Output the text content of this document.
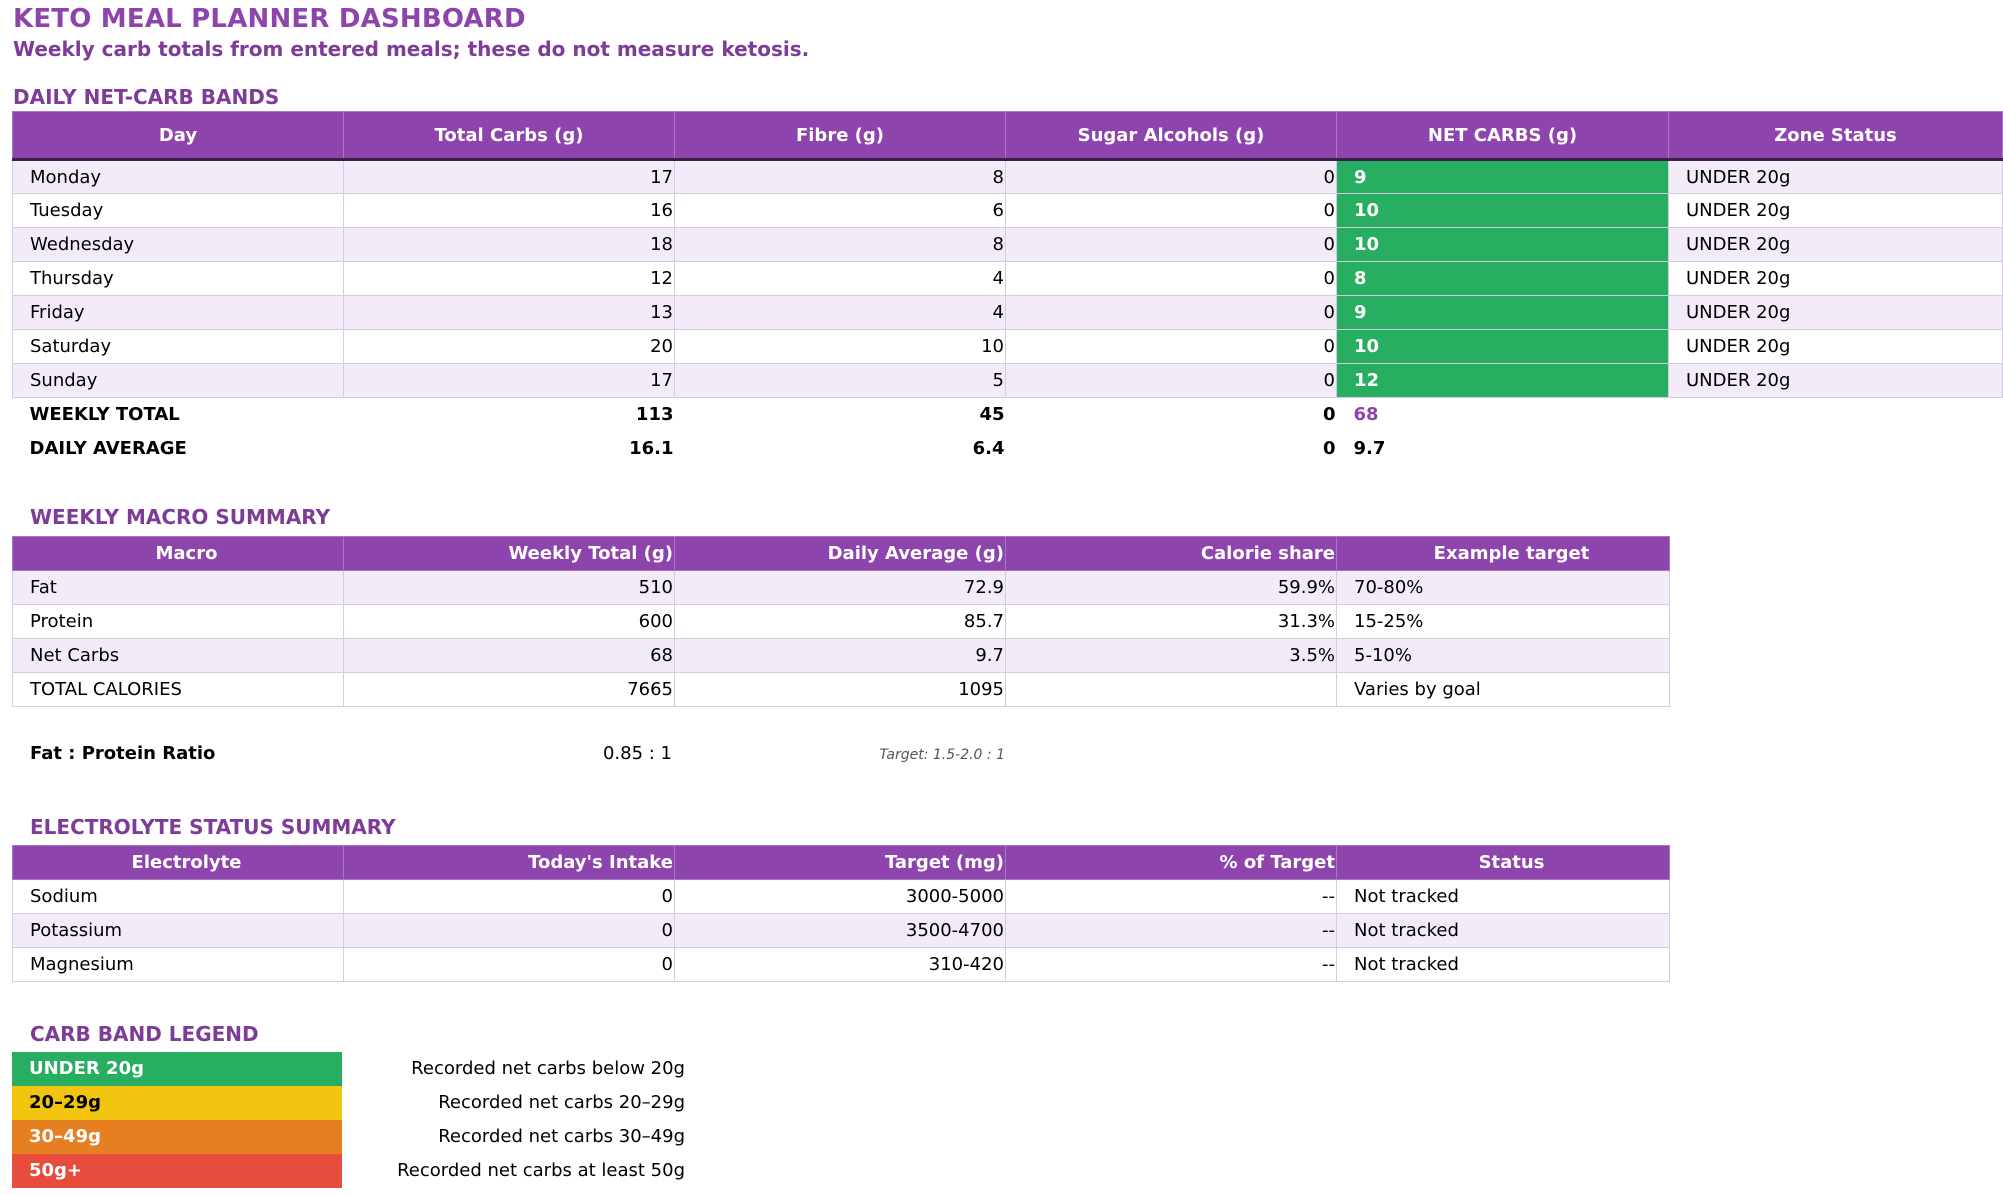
KETO MEAL PLANNER DASHBOARD
Weekly carb totals from entered meals; these do not measure ketosis.
DAILY NET-CARB BANDS
Day	Total Carbs (g)	Fibre (g)	Sugar Alcohols (g)	NET CARBS (g)	Zone Status
Monday	17	8	0	9	UNDER 20g
Tuesday	16	6	0	10	UNDER 20g
Wednesday	18	8	0	10	UNDER 20g
Thursday	12	4	0	8	UNDER 20g
Friday	13	4	0	9	UNDER 20g
Saturday	20	10	0	10	UNDER 20g
Sunday	17	5	0	12	UNDER 20g
WEEKLY TOTAL	113	45	0	68	
DAILY AVERAGE	16.1	6.4	0	9.7	
WEEKLY MACRO SUMMARY
Macro	Weekly Total (g)	Daily Average (g)	Calorie share	Example target
Fat	510	72.9	59.9%	70-80%
Protein	600	85.7	31.3%	15-25%
Net Carbs	68	9.7	3.5%	5-10%
TOTAL CALORIES	7665	1095		Varies by goal
Fat : Protein Ratio	0.85 : 1	Target: 1.5-2.0 : 1
ELECTROLYTE STATUS SUMMARY
Electrolyte	Today's Intake	Target (mg)	% of Target	Status
Sodium	0	3000-5000	--	Not tracked
Potassium	0	3500-4700	--	Not tracked
Magnesium	0	310-420	--	Not tracked
CARB BAND LEGEND
UNDER 20g	Recorded net carbs below 20g
20–29g	Recorded net carbs 20–29g
30–49g	Recorded net carbs 30–49g
50g+	Recorded net carbs at least 50g
